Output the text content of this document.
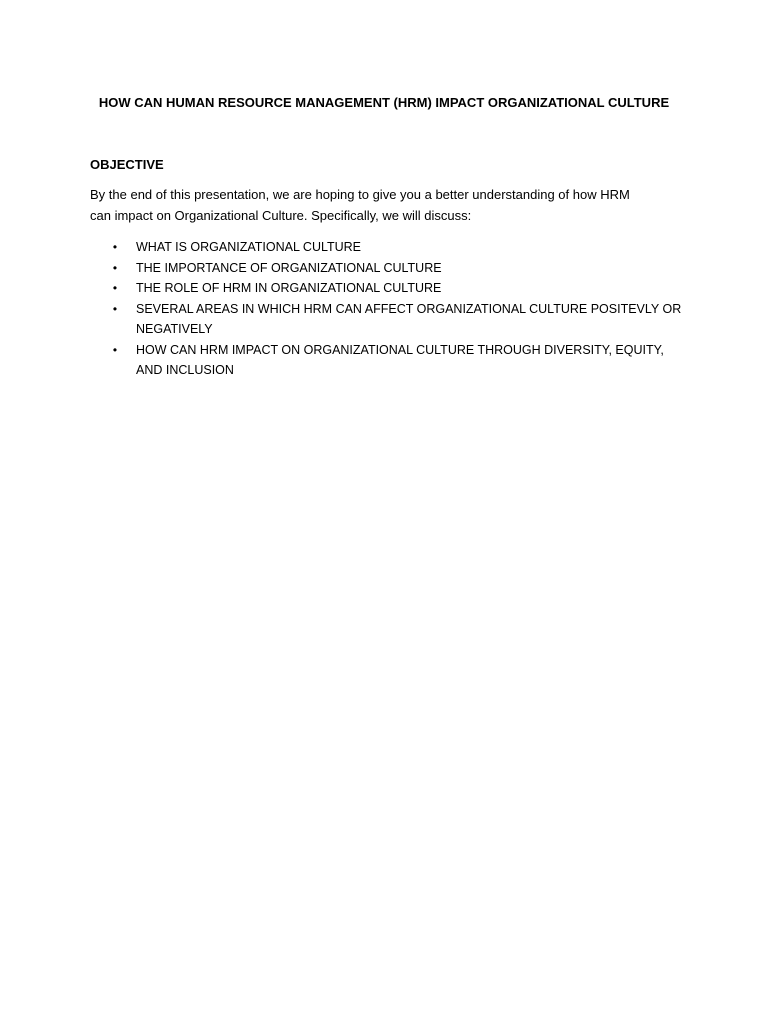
HOW CAN HUMAN RESOURCE MANAGEMENT (HRM) IMPACT ORGANIZATIONAL CULTURE
OBJECTIVE
By the end of this presentation, we are hoping to give you a better understanding of how HRM
can impact on Organizational Culture. Specifically, we will discuss:
• WHAT IS ORGANIZATIONAL CULTURE
• THE IMPORTANCE OF ORGANIZATIONAL CULTURE
• THE ROLE OF HRM IN ORGANIZATIONAL CULTURE
• SEVERAL AREAS IN WHICH HRM CAN AFFECT ORGANIZATIONAL CULTURE POSITEVLY OR
NEGATIVELY
• HOW CAN HRM IMPACT ON ORGANIZATIONAL CULTURE THROUGH DIVERSITY, EQUITY,
AND INCLUSION
